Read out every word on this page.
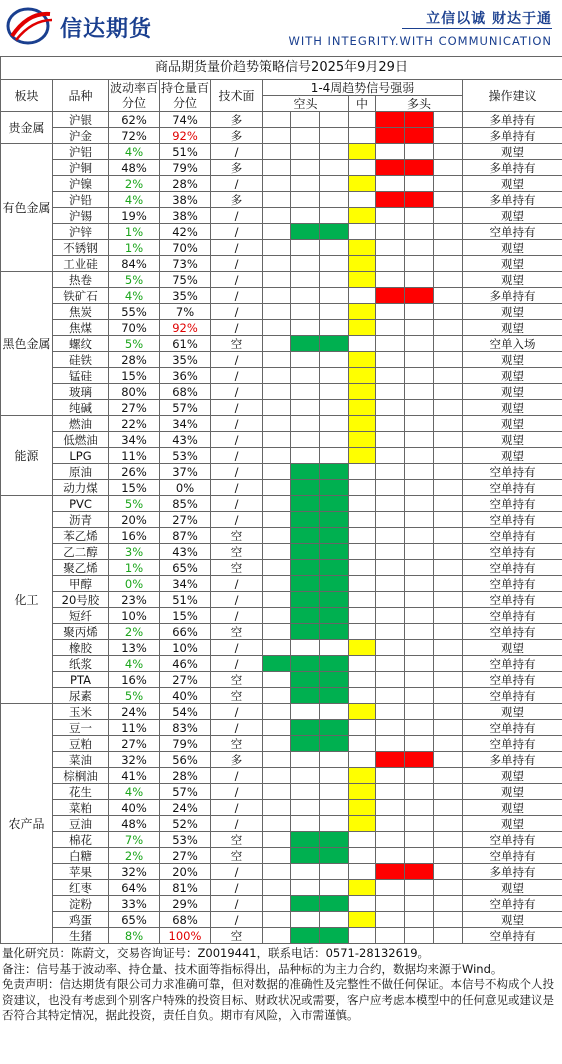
信达期货	立信以诚 财达于通
WITH INTEGRITY.WITH COMMUNICATION
商品期货量价趋势策略信号2025年9月29日												
板块	品种	波动率百分位	持仓量百分位	技术面	1-4周趋势信号强弱							操作建议
					空头			中	多头			
贵金属	沪银	62%	74%	多								多单持有
	沪金	72%	92%	多								多单持有
有色金属	沪铝	4%	51%	/								观望
	沪铜	48%	79%	多								多单持有
	沪镍	2%	28%	/								观望
	沪铅	4%	38%	多								多单持有
	沪锡	19%	38%	/								观望
	沪锌	1%	42%	/								空单持有
	不锈钢	1%	70%	/								观望
	工业硅	84%	73%	/								观望
黑色金属	热卷	5%	75%	/								观望
	铁矿石	4%	35%	/								多单持有
	焦炭	55%	7%	/								观望
	焦煤	70%	92%	/								观望
	螺纹	5%	61%	空								空单入场
	硅铁	28%	35%	/								观望
	锰硅	15%	36%	/								观望
	玻璃	80%	68%	/								观望
	纯碱	27%	57%	/								观望
能源	燃油	22%	34%	/								观望
	低燃油	34%	43%	/								观望
	LPG	11%	53%	/								观望
	原油	26%	37%	/								空单持有
	动力煤	15%	0%	/								空单持有
化工	PVC	5%	85%	/								空单持有
	沥青	20%	27%	/								空单持有
	苯乙烯	16%	87%	空								空单持有
	乙二醇	3%	43%	空								空单持有
	聚乙烯	1%	65%	空								空单持有
	甲醇	0%	34%	/								空单持有
	20号胶	23%	51%	/								空单持有
	短纤	10%	15%	/								空单持有
	聚丙烯	2%	66%	空								空单持有
	橡胶	13%	10%	/								观望
	纸浆	4%	46%	/								空单持有
	PTA	16%	27%	空								空单持有
	尿素	5%	40%	空								空单持有
农产品	玉米	24%	54%	/								观望
	豆一	11%	83%	/								空单持有
	豆粕	27%	79%	空								空单持有
	菜油	32%	56%	多								多单持有
	棕榈油	41%	28%	/								观望
	花生	4%	57%	/								观望
	菜粕	40%	24%	/								观望
	豆油	48%	52%	/								观望
	棉花	7%	53%	空								空单持有
	白糖	2%	27%	空								空单持有
	苹果	32%	20%	/								多单持有
	红枣	64%	81%	/								观望
	淀粉	33%	29%	/								空单持有
	鸡蛋	65%	68%	/								观望
	生猪	8%	100%	空								空单持有

量化研究员：陈蔚文，交易咨询证号：Z0019441，联系电话：0571-28132619。

备注：信号基于波动率、持仓量、技术面等指标得出，品种标的为主力合约，数据均来源于Wind。

免责声明：信达期货有限公司力求准确可靠，但对数据的准确性及完整性不做任何保证。本信号不构成个人投资建议，也没有考虑到个别客户特殊的投资目标、财政状况或需要，客户应考虑本模型中的任何意见或建议是否符合其特定情况，据此投资，责任自负。期市有风险，入市需谨慎。
